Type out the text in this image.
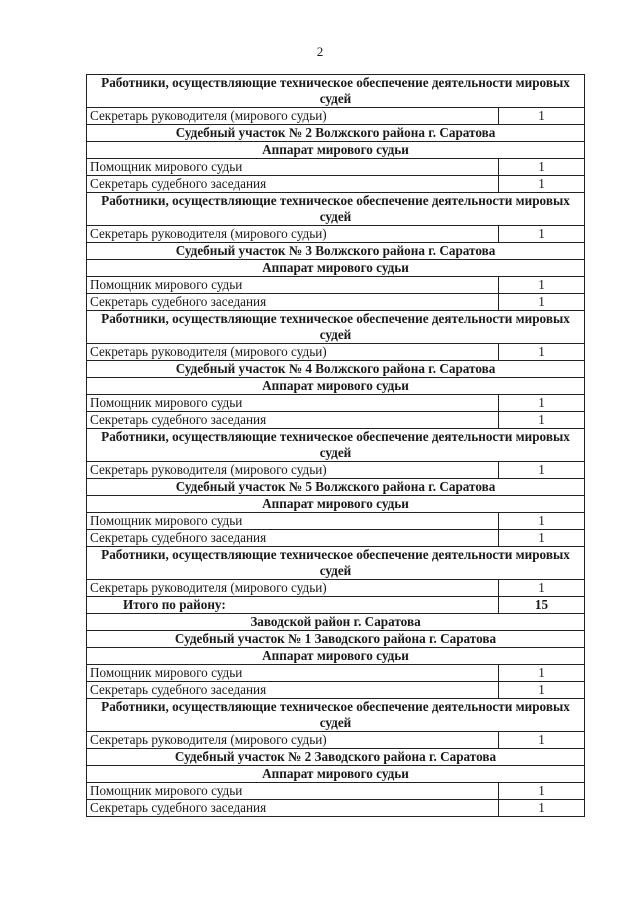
2
Работники, осуществляющие техническое обеспечение деятельности мировых судей	
Секретарь руководителя (мирового судьи)	1
Судебный участок № 2 Волжского района г. Саратова	
Аппарат мирового судьи	
Помощник мирового судьи	1
Секретарь судебного заседания	1
Работники, осуществляющие техническое обеспечение деятельности мировых судей	
Секретарь руководителя (мирового судьи)	1
Судебный участок № 3 Волжского района г. Саратова	
Аппарат мирового судьи	
Помощник мирового судьи	1
Секретарь судебного заседания	1
Работники, осуществляющие техническое обеспечение деятельности мировых судей	
Секретарь руководителя (мирового судьи)	1
Судебный участок № 4 Волжского района г. Саратова	
Аппарат мирового судьи	
Помощник мирового судьи	1
Секретарь судебного заседания	1
Работники, осуществляющие техническое обеспечение деятельности мировых судей	
Секретарь руководителя (мирового судьи)	1
Судебный участок № 5 Волжского района г. Саратова	
Аппарат мирового судьи	
Помощник мирового судьи	1
Секретарь судебного заседания	1
Работники, осуществляющие техническое обеспечение деятельности мировых судей	
Секретарь руководителя (мирового судьи)	1
Итого по району:	15
Заводской район г. Саратова	
Судебный участок № 1 Заводского района г. Саратова	
Аппарат мирового судьи	
Помощник мирового судьи	1
Секретарь судебного заседания	1
Работники, осуществляющие техническое обеспечение деятельности мировых судей	
Секретарь руководителя (мирового судьи)	1
Судебный участок № 2 Заводского района г. Саратова	
Аппарат мирового судьи	
Помощник мирового судьи	1
Секретарь судебного заседания	1
